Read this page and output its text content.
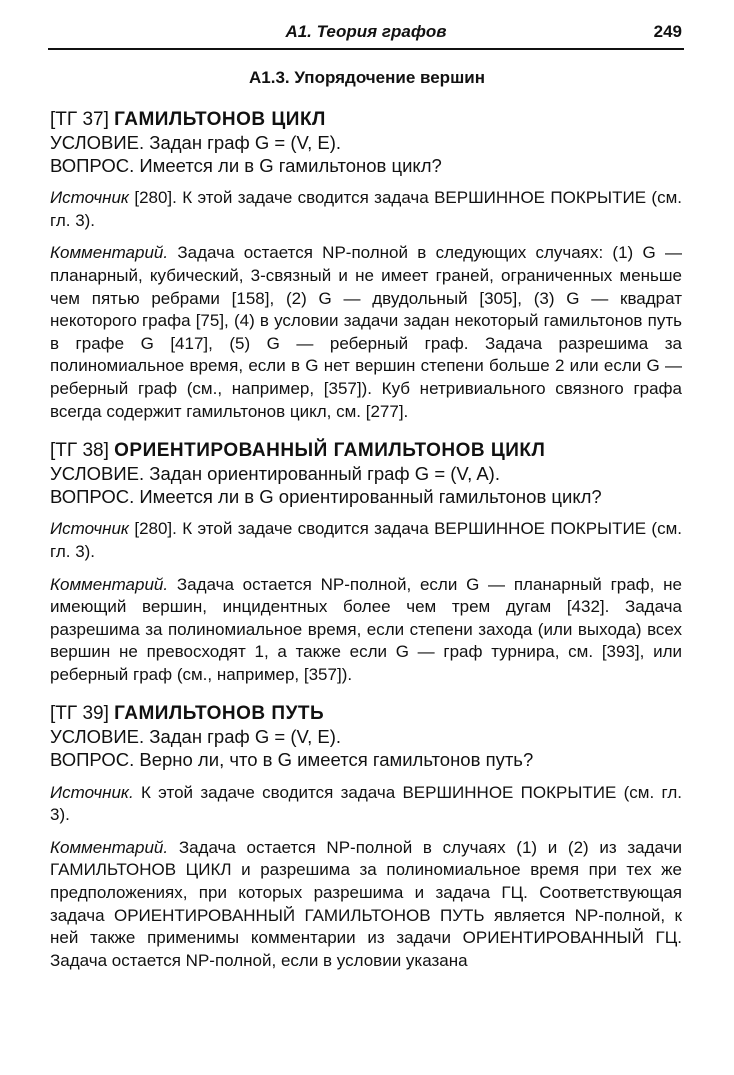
А1. Теория графов	249
А1.3. Упорядочение вершин

[ТГ 37] ГАМИЛЬТОНОВ ЦИКЛ

УСЛОВИЕ. Задан граф G = (V, E).

ВОПРОС. Имеется ли в G гамильтонов цикл?

Источник [280]. К этой задаче сводится задача ВЕРШИННОЕ ПОКРЫТИЕ (см. гл. 3).

Комментарий. Задача остается NP-полной в следующих случаях: (1) G — планарный, кубический, 3-связный и не имеет граней, ограниченных меньше чем пятью ребрами [158], (2) G — двудольный [305], (3) G — квадрат некоторого графа [75], (4) в условии задачи задан некоторый гамильтонов путь в графе G [417], (5) G — реберный граф. Задача разрешима за полиномиальное время, если в G нет вершин степени больше 2 или если G — реберный граф (см., например, [357]). Куб нетривиального связного графа всегда содержит гамильтонов цикл, см. [277].

[ТГ 38] ОРИЕНТИРОВАННЫЙ ГАМИЛЬТОНОВ ЦИКЛ

УСЛОВИЕ. Задан ориентированный граф G = (V, A).

ВОПРОС. Имеется ли в G ориентированный гамильтонов цикл?

Источник [280]. К этой задаче сводится задача ВЕРШИННОЕ ПОКРЫТИЕ (см. гл. 3).

Комментарий. Задача остается NP-полной, если G — планарный граф, не имеющий вершин, инцидентных более чем трем дугам [432]. Задача разрешима за полиномиальное время, если степени захода (или выхода) всех вершин не превосходят 1, а также если G — граф турнира, см. [393], или реберный граф (см., например, [357]).

[ТГ 39] ГАМИЛЬТОНОВ ПУТЬ

УСЛОВИЕ. Задан граф G = (V, E).

ВОПРОС. Верно ли, что в G имеется гамильтонов путь?

Источник. К этой задаче сводится задача ВЕРШИННОЕ ПОКРЫТИЕ (см. гл. 3).

Комментарий. Задача остается NP-полной в случаях (1) и (2) из задачи ГАМИЛЬТОНОВ ЦИКЛ и разрешима за полиномиальное время при тех же предположениях, при которых разрешима и задача ГЦ. Соответствующая задача ОРИЕНТИРОВАННЫЙ ГАМИЛЬТОНОВ ПУТЬ является NP-полной, к ней также применимы комментарии из задачи ОРИЕНТИРОВАННЫЙ ГЦ. Задача остается NP-полной, если в условии указана
